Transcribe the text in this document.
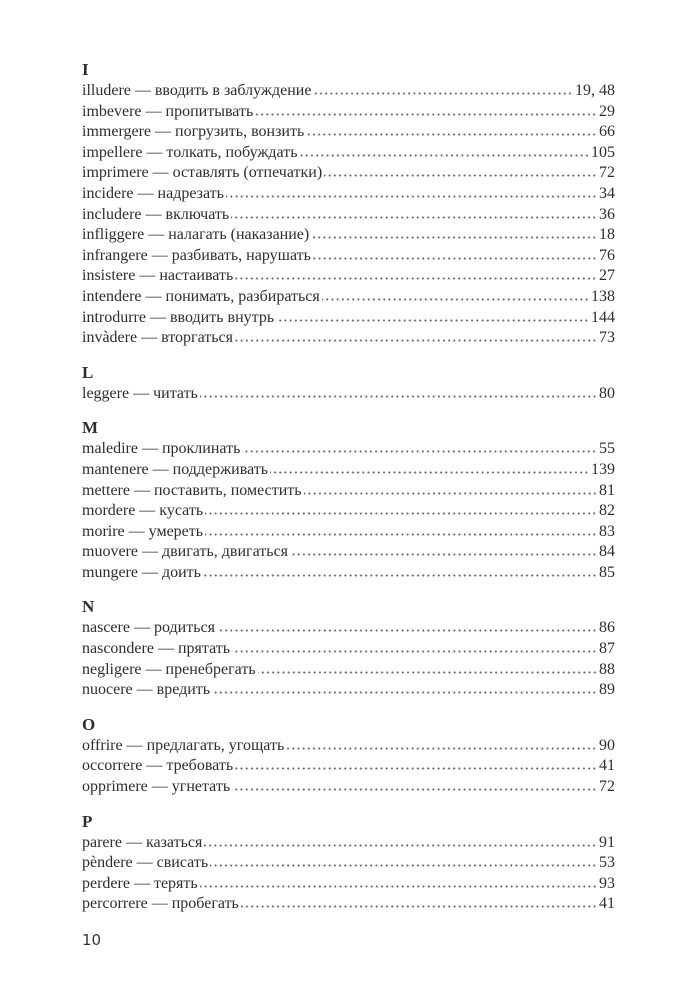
I
illudere — вводить в заблуждение	19, 48
imbevere — пропитывать	29
immergere — погрузить, вонзить	66
impellere — толкать, побуждать	105
imprimere — оставлять (отпечатки)	72
incidere — надрезать	34
includere — включать	36
infliggere — налагать (наказание)	18
infrangere — разбивать, нарушать	76
insistere — настаивать	27
intendere — понимать, разбираться	138
introdurre — вводить внутрь	144
invàdere — вторгаться	73
L
leggere — читать	80
M
maledire — проклинать	55
mantenere — поддерживать	139
mettere — поставить, поместить	81
mordere — кусать	82
morire — умереть	83
muovere — двигать, двигаться	84
mungere — доить	85
N
nascere — родиться	86
nascondere — прятать	87
negligere — пренебрегать	88
nuocere — вредить	89
O
offrire — предлагать, угощать	90
occorrere — требовать	41
opprimere — угнетать	72
P
parere — казаться	91
pèndere — свисать	53
perdere — терять	93
percorrere — пробегать	41
10
